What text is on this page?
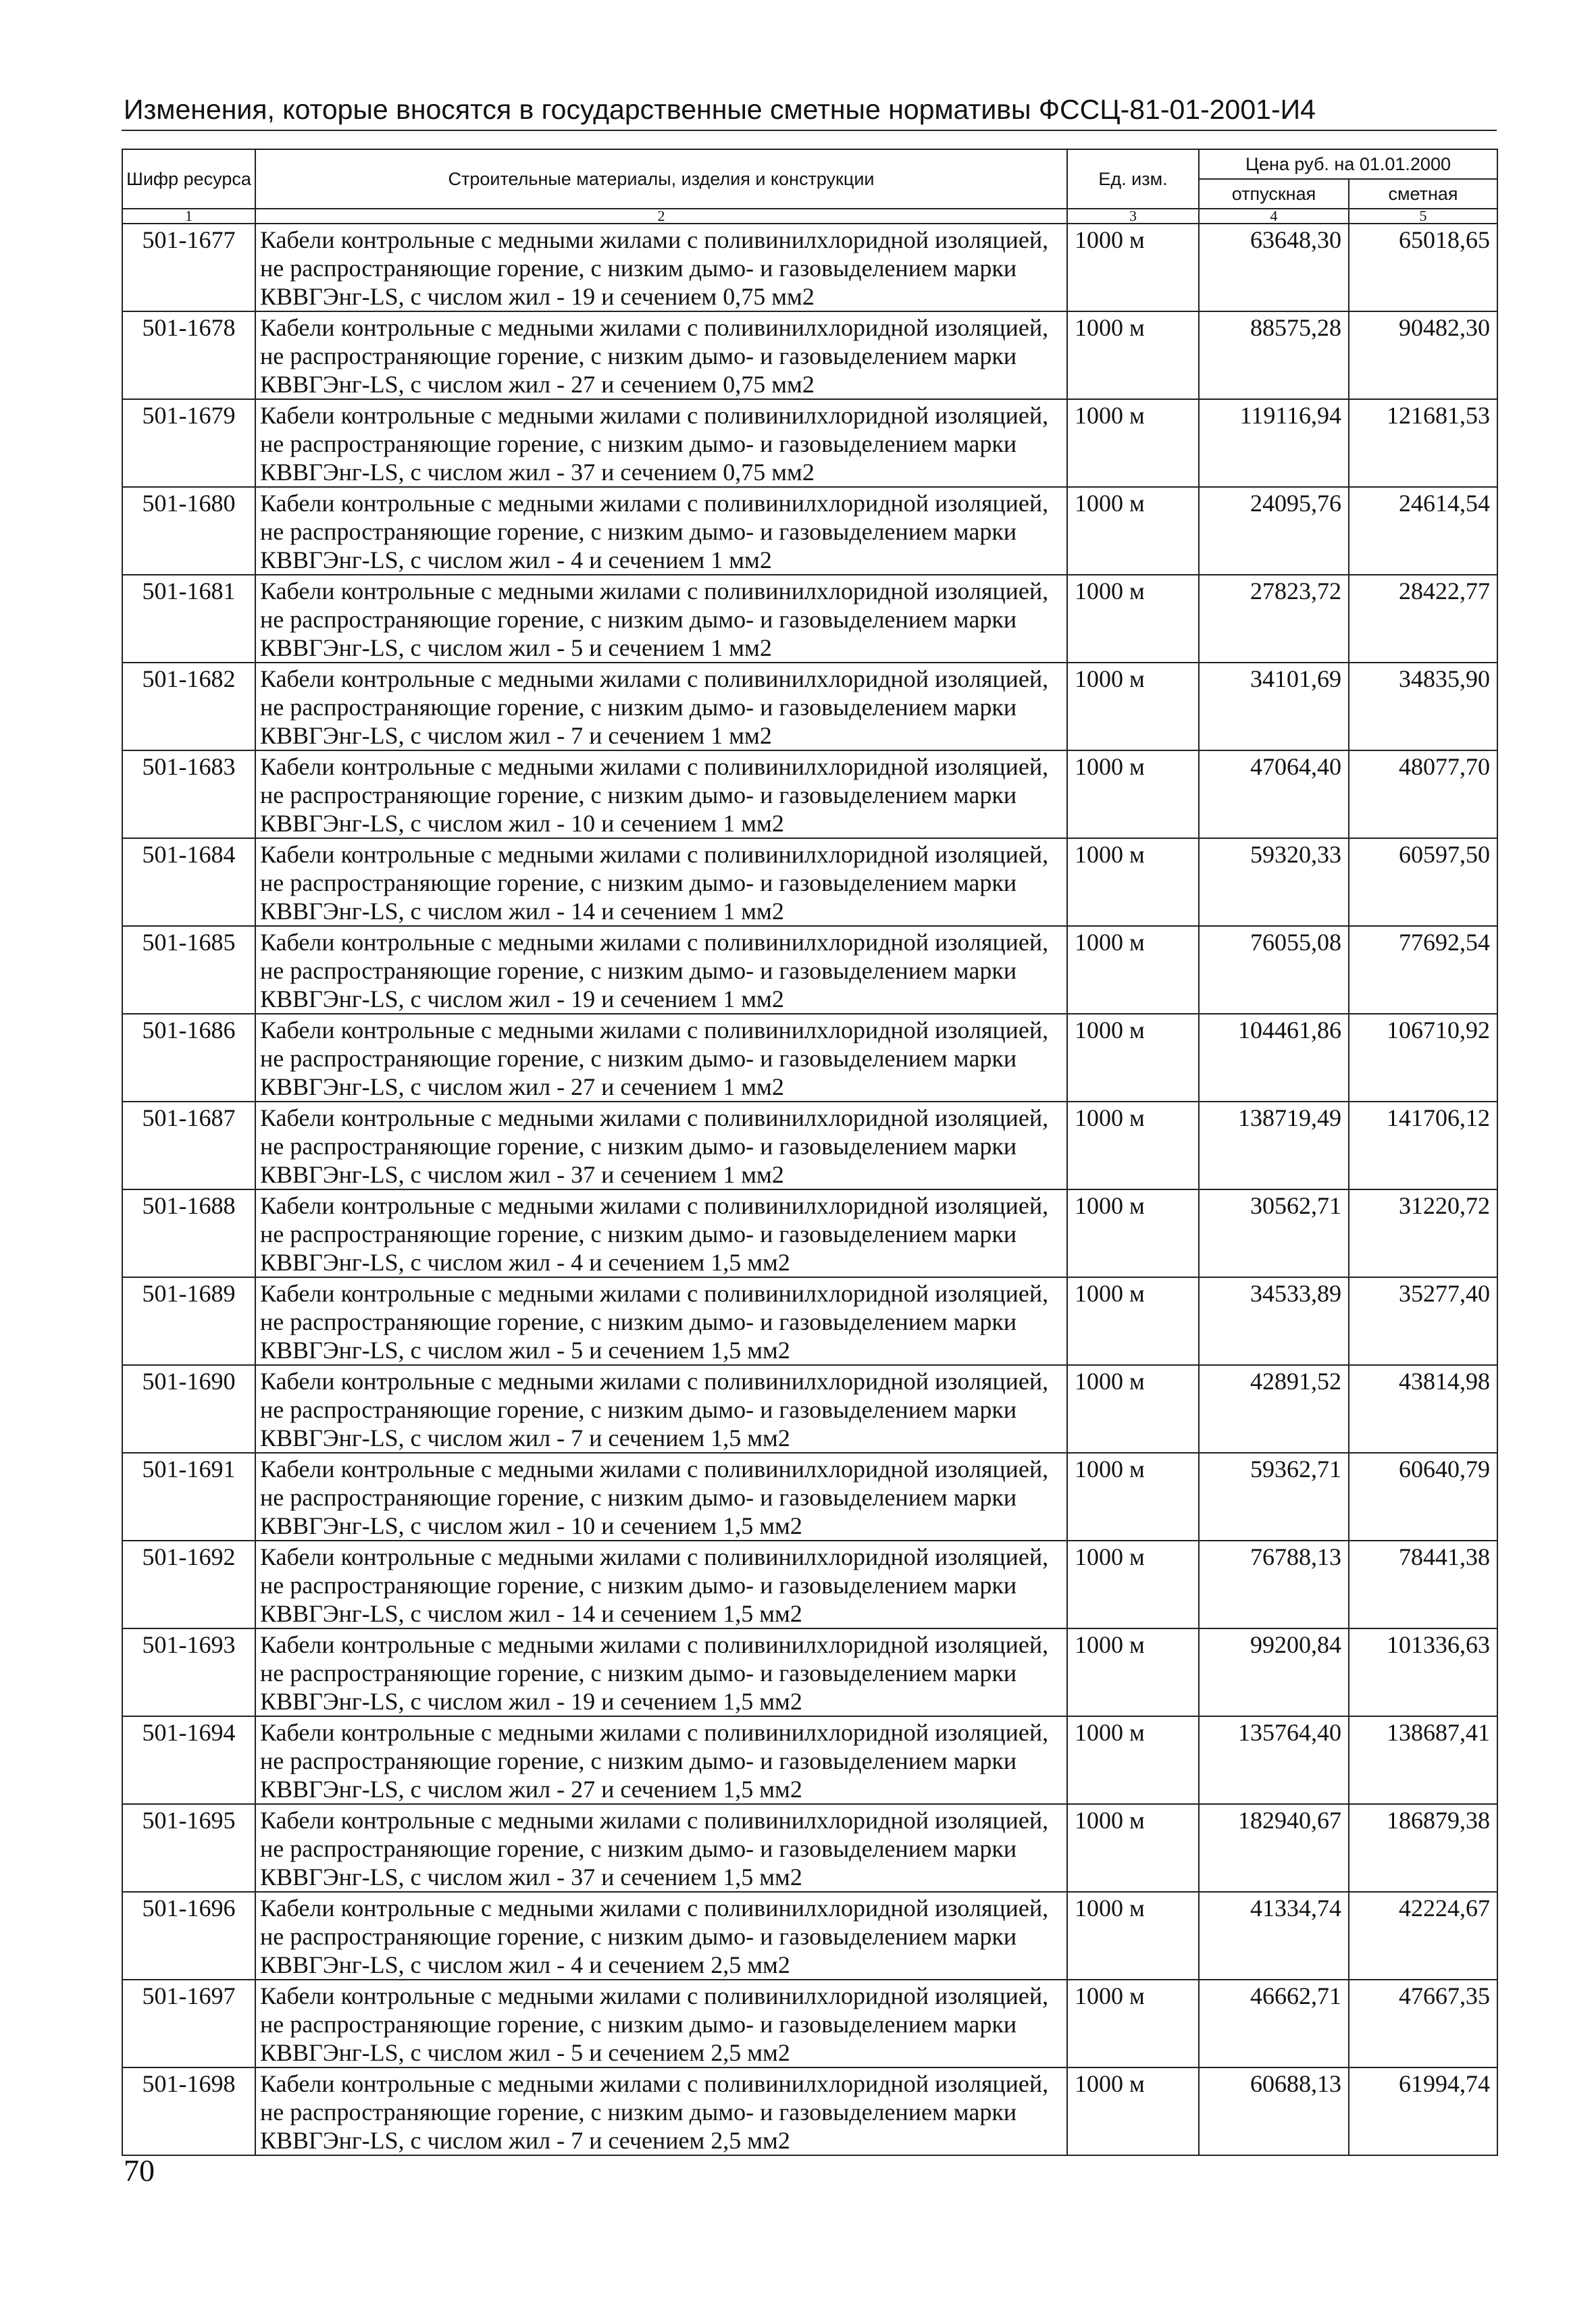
Изменения, которые вносятся в государственные сметные нормативы ФССЦ-81-01-2001-И4
Шифр ресурса	Строительные материалы, изделия и конструкции	Ед. изм.	Цена руб. на 01.01.2000	
			отпускная	сметная
1	2	3	4	5
501-1677	Кабели контрольные с медными жилами с поливинилхлоридной изоляцией,
не распространяющие горение, с низким дымо- и газовыделением марки
КВВГЭнг-LS, с числом жил - 19 и сечением 0,75 мм2	1000 м	63648,30	65018,65
501-1678	Кабели контрольные с медными жилами с поливинилхлоридной изоляцией,
не распространяющие горение, с низким дымо- и газовыделением марки
КВВГЭнг-LS, с числом жил - 27 и сечением 0,75 мм2	1000 м	88575,28	90482,30
501-1679	Кабели контрольные с медными жилами с поливинилхлоридной изоляцией,
не распространяющие горение, с низким дымо- и газовыделением марки
КВВГЭнг-LS, с числом жил - 37 и сечением 0,75 мм2	1000 м	119116,94	121681,53
501-1680	Кабели контрольные с медными жилами с поливинилхлоридной изоляцией,
не распространяющие горение, с низким дымо- и газовыделением марки
КВВГЭнг-LS, с числом жил - 4 и сечением 1 мм2	1000 м	24095,76	24614,54
501-1681	Кабели контрольные с медными жилами с поливинилхлоридной изоляцией,
не распространяющие горение, с низким дымо- и газовыделением марки
КВВГЭнг-LS, с числом жил - 5 и сечением 1 мм2	1000 м	27823,72	28422,77
501-1682	Кабели контрольные с медными жилами с поливинилхлоридной изоляцией,
не распространяющие горение, с низким дымо- и газовыделением марки
КВВГЭнг-LS, с числом жил - 7 и сечением 1 мм2	1000 м	34101,69	34835,90
501-1683	Кабели контрольные с медными жилами с поливинилхлоридной изоляцией,
не распространяющие горение, с низким дымо- и газовыделением марки
КВВГЭнг-LS, с числом жил - 10 и сечением 1 мм2	1000 м	47064,40	48077,70
501-1684	Кабели контрольные с медными жилами с поливинилхлоридной изоляцией,
не распространяющие горение, с низким дымо- и газовыделением марки
КВВГЭнг-LS, с числом жил - 14 и сечением 1 мм2	1000 м	59320,33	60597,50
501-1685	Кабели контрольные с медными жилами с поливинилхлоридной изоляцией,
не распространяющие горение, с низким дымо- и газовыделением марки
КВВГЭнг-LS, с числом жил - 19 и сечением 1 мм2	1000 м	76055,08	77692,54
501-1686	Кабели контрольные с медными жилами с поливинилхлоридной изоляцией,
не распространяющие горение, с низким дымо- и газовыделением марки
КВВГЭнг-LS, с числом жил - 27 и сечением 1 мм2	1000 м	104461,86	106710,92
501-1687	Кабели контрольные с медными жилами с поливинилхлоридной изоляцией,
не распространяющие горение, с низким дымо- и газовыделением марки
КВВГЭнг-LS, с числом жил - 37 и сечением 1 мм2	1000 м	138719,49	141706,12
501-1688	Кабели контрольные с медными жилами с поливинилхлоридной изоляцией,
не распространяющие горение, с низким дымо- и газовыделением марки
КВВГЭнг-LS, с числом жил - 4 и сечением 1,5 мм2	1000 м	30562,71	31220,72
501-1689	Кабели контрольные с медными жилами с поливинилхлоридной изоляцией,
не распространяющие горение, с низким дымо- и газовыделением марки
КВВГЭнг-LS, с числом жил - 5 и сечением 1,5 мм2	1000 м	34533,89	35277,40
501-1690	Кабели контрольные с медными жилами с поливинилхлоридной изоляцией,
не распространяющие горение, с низким дымо- и газовыделением марки
КВВГЭнг-LS, с числом жил - 7 и сечением 1,5 мм2	1000 м	42891,52	43814,98
501-1691	Кабели контрольные с медными жилами с поливинилхлоридной изоляцией,
не распространяющие горение, с низким дымо- и газовыделением марки
КВВГЭнг-LS, с числом жил - 10 и сечением 1,5 мм2	1000 м	59362,71	60640,79
501-1692	Кабели контрольные с медными жилами с поливинилхлоридной изоляцией,
не распространяющие горение, с низким дымо- и газовыделением марки
КВВГЭнг-LS, с числом жил - 14 и сечением 1,5 мм2	1000 м	76788,13	78441,38
501-1693	Кабели контрольные с медными жилами с поливинилхлоридной изоляцией,
не распространяющие горение, с низким дымо- и газовыделением марки
КВВГЭнг-LS, с числом жил - 19 и сечением 1,5 мм2	1000 м	99200,84	101336,63
501-1694	Кабели контрольные с медными жилами с поливинилхлоридной изоляцией,
не распространяющие горение, с низким дымо- и газовыделением марки
КВВГЭнг-LS, с числом жил - 27 и сечением 1,5 мм2	1000 м	135764,40	138687,41
501-1695	Кабели контрольные с медными жилами с поливинилхлоридной изоляцией,
не распространяющие горение, с низким дымо- и газовыделением марки
КВВГЭнг-LS, с числом жил - 37 и сечением 1,5 мм2	1000 м	182940,67	186879,38
501-1696	Кабели контрольные с медными жилами с поливинилхлоридной изоляцией,
не распространяющие горение, с низким дымо- и газовыделением марки
КВВГЭнг-LS, с числом жил - 4 и сечением 2,5 мм2	1000 м	41334,74	42224,67
501-1697	Кабели контрольные с медными жилами с поливинилхлоридной изоляцией,
не распространяющие горение, с низким дымо- и газовыделением марки
КВВГЭнг-LS, с числом жил - 5 и сечением 2,5 мм2	1000 м	46662,71	47667,35
501-1698	Кабели контрольные с медными жилами с поливинилхлоридной изоляцией,
не распространяющие горение, с низким дымо- и газовыделением марки
КВВГЭнг-LS, с числом жил - 7 и сечением 2,5 мм2	1000 м	60688,13	61994,74
70
